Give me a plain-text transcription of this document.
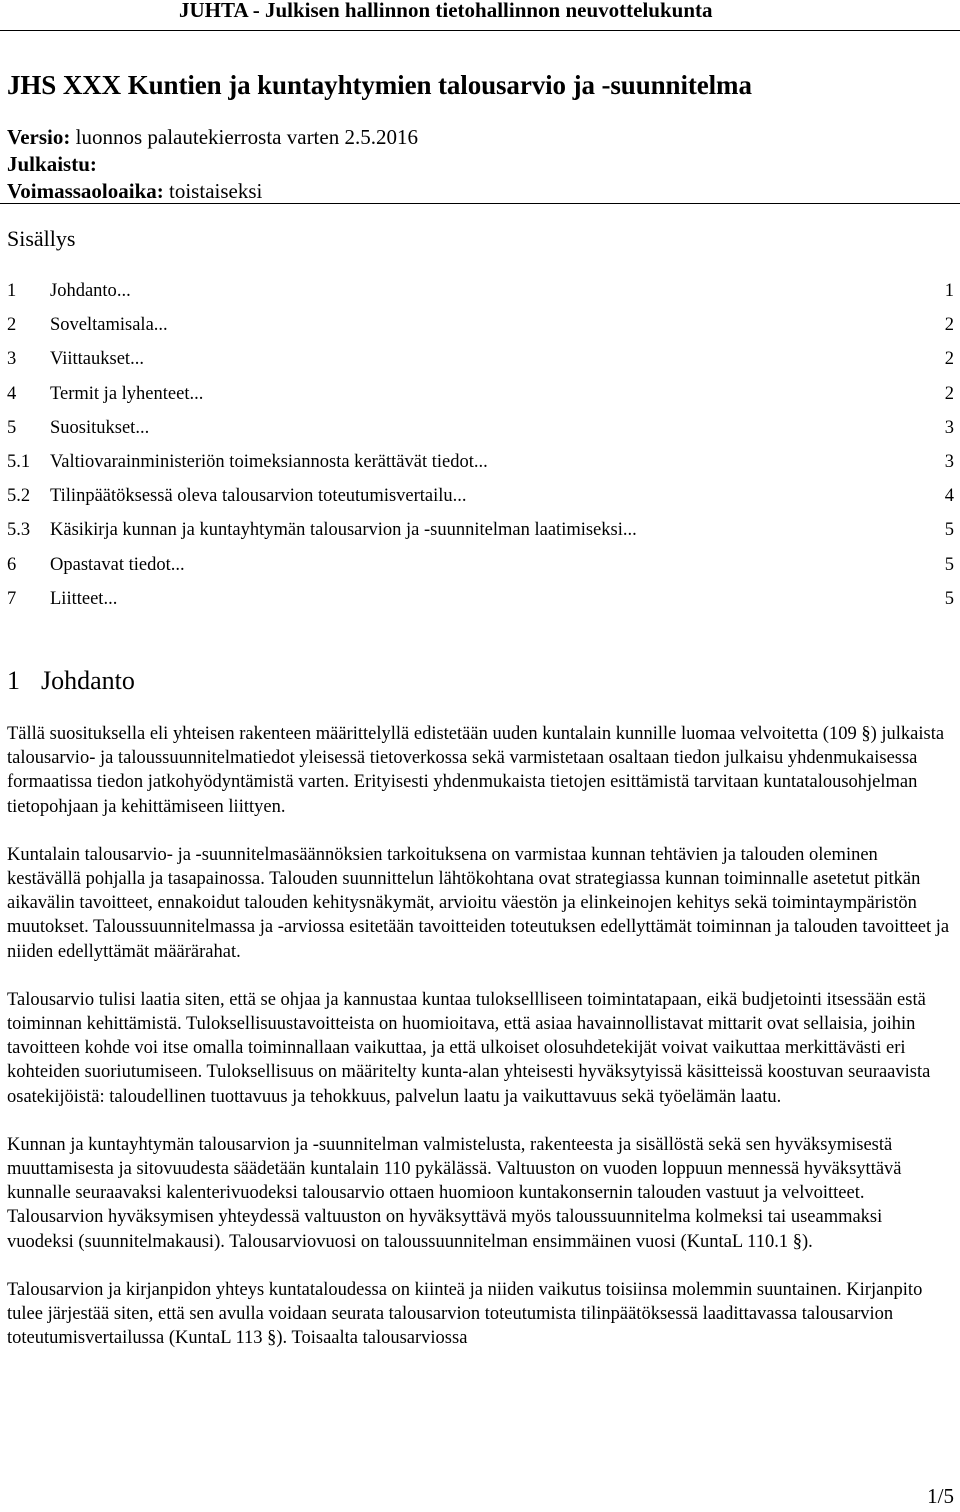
JUHTA - Julkisen hallinnon tietohallinnon neuvottelukunta
JHS XXX Kuntien ja kuntayhtymien talousarvio ja -suunnitelma
Versio: luonnos palautekierrosta varten 2.5.2016
Julkaistu:
Voimassaoloaika: toistaiseksi
Sisällys
1	Johdanto ...	1
2	Soveltamisala ...	2
3	Viittaukset ...	2
4	Termit ja lyhenteet ...	2
5	Suositukset ...	3
5.1	Valtiovarainministeriön toimeksiannosta kerättävät tiedot ...	3
5.2	Tilinpäätöksessä oleva talousarvion toteutumisvertailu ...	4
5.3	Käsikirja kunnan ja kuntayhtymän talousarvion ja -suunnitelman laatimiseksi ...	5
6	Opastavat tiedot ...	5
7	Liitteet ...	5
1 Johdanto

Tällä suosituksella eli yhteisen rakenteen määrittelyllä edistetään uuden kuntalain kunnille luomaa velvoitetta (109 §) julkaista talousarvio- ja taloussuunnitelmatiedot yleisessä tietoverkossa sekä varmistetaan osaltaan tiedon julkaisu yhdenmukaisessa formaatissa tiedon jatkohyödyntämistä varten. Erityisesti yhdenmukaista tietojen esittämistä tarvitaan kuntatalousohjelman tietopohjaan ja kehittämiseen liittyen.

Kuntalain talousarvio- ja -suunnitelmasäännöksien tarkoituksena on varmistaa kunnan tehtävien ja talouden oleminen kestävällä pohjalla ja tasapainossa. Talouden suunnittelun lähtökohtana ovat strategiassa kunnan toiminnalle asetetut pitkän aikavälin tavoitteet, ennakoidut talouden kehitysnäkymät, arvioitu väestön ja elinkeinojen kehitys sekä toimintaympäristön muutokset. Taloussuunnitelmassa ja -arviossa esitetään tavoitteiden toteutuksen edellyttämät toiminnan ja talouden tavoitteet ja niiden edellyttämät määrärahat.

Talousarvio tulisi laatia siten, että se ohjaa ja kannustaa kuntaa tuloksellliseen toimintatapaan, eikä budjetointi itsessään estä toiminnan kehittämistä. Tuloksellisuustavoitteista on huomioitava, että asiaa havainnollistavat mittarit ovat sellaisia, joihin tavoitteen kohde voi itse omalla toiminnallaan vaikuttaa, ja että ulkoiset olosuhdetekijät voivat vaikuttaa merkittävästi eri kohteiden suoriutumiseen. Tuloksellisuus on määritelty kunta-alan yhteisesti hyväksytyissä käsitteissä koostuvan seuraavista osatekijöistä: taloudellinen tuottavuus ja tehokkuus, palvelun laatu ja vaikuttavuus sekä työelämän laatu.

Kunnan ja kuntayhtymän talousarvion ja -suunnitelman valmistelusta, rakenteesta ja sisällöstä sekä sen hyväksymisestä muuttamisesta ja sitovuudesta säädetään kuntalain 110 pykälässä. Valtuuston on vuoden loppuun mennessä hyväksyttävä kunnalle seuraavaksi kalenterivuodeksi talousarvio ottaen huomioon kuntakonsernin talouden vastuut ja velvoitteet. Talousarvion hyväksymisen yhteydessä valtuuston on hyväksyttävä myös taloussuunnitelma kolmeksi tai useammaksi vuodeksi (suunnitelmakausi). Talousarviovuosi on taloussuunnitelman ensimmäinen vuosi (KuntaL 110.1 §).

Talousarvion ja kirjanpidon yhteys kuntataloudessa on kiinteä ja niiden vaikutus toisiinsa molemmin suuntainen. Kirjanpito tulee järjestää siten, että sen avulla voidaan seurata talousarvion toteutumista tilinpäätöksessä laadittavassa talousarvion toteutumisvertailussa (KuntaL 113 §). Toisaalta talousarviossa

1/5
